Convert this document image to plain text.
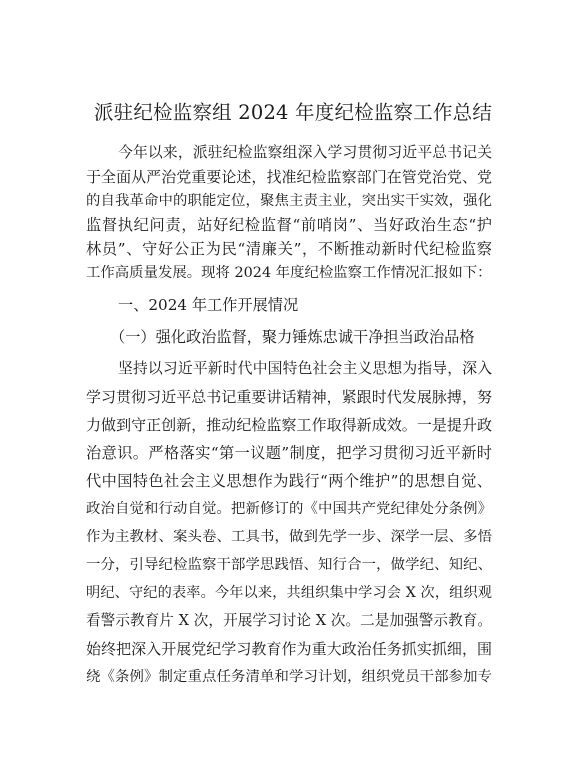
派驻纪检监察组 2024 年度纪检监察工作总结
今年以来，派驻纪检监察组深入学习贯彻习近平总书记关
于全面从严治党重要论述，找准纪检监察部门在管党治党、党
的自我革命中的职能定位，聚焦主责主业，突出实干实效，强化
监督执纪问责，站好纪检监督“前哨岗”、当好政治生态“护
林员”、守好公正为民“清廉关”，不断推动新时代纪检监察
工作高质量发展。现将 2024 年度纪检监察工作情况汇报如下：
一、2024 年工作开展情况
（一）强化政治监督，聚力锤炼忠诚干净担当政治品格
坚持以习近平新时代中国特色社会主义思想为指导，深入
学习贯彻习近平总书记重要讲话精神，紧跟时代发展脉搏，努
力做到守正创新，推动纪检监察工作取得新成效。一是提升政
治意识。严格落实“第一议题”制度，把学习贯彻习近平新时
代中国特色社会主义思想作为践行“两个维护”的思想自觉、
政治自觉和行动自觉。把新修订的《中国共产党纪律处分条例》
作为主教材、案头卷、工具书，做到先学一步、深学一层、多悟
一分，引导纪检监察干部学思践悟、知行合一，做学纪、知纪、
明纪、守纪的表率。今年以来，共组织集中学习会 X 次，组织观
看警示教育片 X 次，开展学习讨论 X 次。二是加强警示教育。
始终把深入开展党纪学习教育作为重大政治任务抓实抓细，围
绕《条例》制定重点任务清单和学习计划，组织党员干部参加专
